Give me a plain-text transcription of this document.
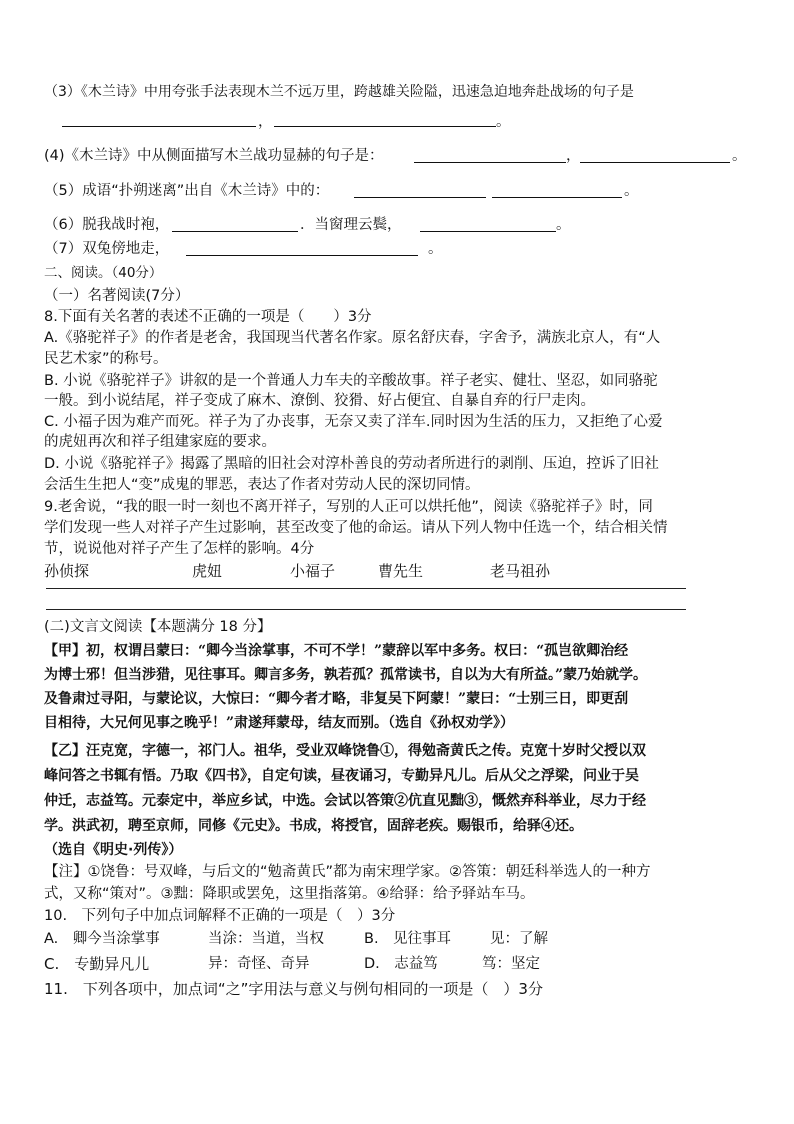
（3）《木兰诗》中用夸张手法表现木兰不远万里，跨越雄关险隘，迅速急迫地奔赴战场的句子是
，	。
(4)《木兰诗》中从侧面描写木兰战功显赫的句子是：	，	。
（5）成语“扑朔迷离”出自《木兰诗》中的：	。
（6）脱我战时袍，	．当窗理云鬓，	。
（7）双兔傍地走，	。
二、阅读。（40分）
（一）名著阅读(7分）
8.下面有关名著的表述不正确的一项是（　　）3分
A.《骆驼祥子》的作者是老舍，我国现当代著名作家。原名舒庆春，字舍予，满族北京人，有“人
民艺术家”的称号。
B. 小说《骆驼祥子》讲叙的是一个普通人力车夫的辛酸故事。祥子老实、健壮、坚忍，如同骆驼
一般。到小说结尾，祥子变成了麻木、潦倒、狡猾、好占便宜、自暴自弃的行尸走肉。
C. 小福子因为难产而死。祥子为了办丧事，无奈又卖了洋车.同时因为生活的压力，又拒绝了心爱
的虎妞再次和祥子组建家庭的要求。
D. 小说《骆驼祥子》揭露了黑暗的旧社会对淳朴善良的劳动者所进行的剥削、压迫，控诉了旧社
会活生生把人“变”成鬼的罪恶，表达了作者对劳动人民的深切同情。
9.老舍说，“我的眼一时一刻也不离开祥子，写别的人正可以烘托他”，阅读《骆驼祥子》时，同
学们发现一些人对祥子产生过影响，甚至改变了他的命运。请从下列人物中任选一个，结合相关情
节，说说他对祥子产生了怎样的影响。4分
孙侦探	虎妞	小福子	曹先生	老马祖孙
(二)文言文阅读【本题满分 18 分】
【甲】初，权谓吕蒙曰：“卿今当涂掌事，不可不学！”蒙辞以军中多务。权曰：“孤岂欲卿治经
为博士邪！但当涉猎，见往事耳。卿言多务，孰若孤？孤常读书，自以为大有所益。”蒙乃始就学。
及鲁肃过寻阳，与蒙论议，大惊曰：“卿今者才略，非复吴下阿蒙！”蒙曰：“士别三日，即更刮
目相待，大兄何见事之晚乎！”肃遂拜蒙母，结友而别。（选自《孙权劝学》）
【乙】汪克宽，字德一，祁门人。祖华，受业双峰饶鲁①，得勉斋黄氏之传。克宽十岁时父授以双
峰问答之书辄有悟。乃取《四书》，自定句读，昼夜诵习，专勤异凡儿。后从父之浮梁，问业于吴
仲迁，志益笃。元泰定中，举应乡试，中选。会试以答策②伉直见黜③，慨然弃科举业，尽力于经
学。洪武初，聘至京师，同修《元史》。书成，将授官，固辞老疾。赐银币，给驿④还。
（选自《明史·列传》）
【注】①饶鲁：号双峰，与后文的“勉斋黄氏”都为南宋理学家。②答策：朝廷科举选人的一种方
式，又称“策对”。③黜：降职或罢免，这里指落第。④给驿：给予驿站车马。
10.　下列句子中加点词解释不正确的一项是（　）3分
A.　卿今当涂掌事	当涂：当道，当权	B.　见往事耳	见：了解
C.　专勤异凡儿	异：奇怪、奇异	D.　志益笃	笃：坚定
11.　下列各项中，加点词“之”字用法与意义与例句相同的一项是（　）3分
